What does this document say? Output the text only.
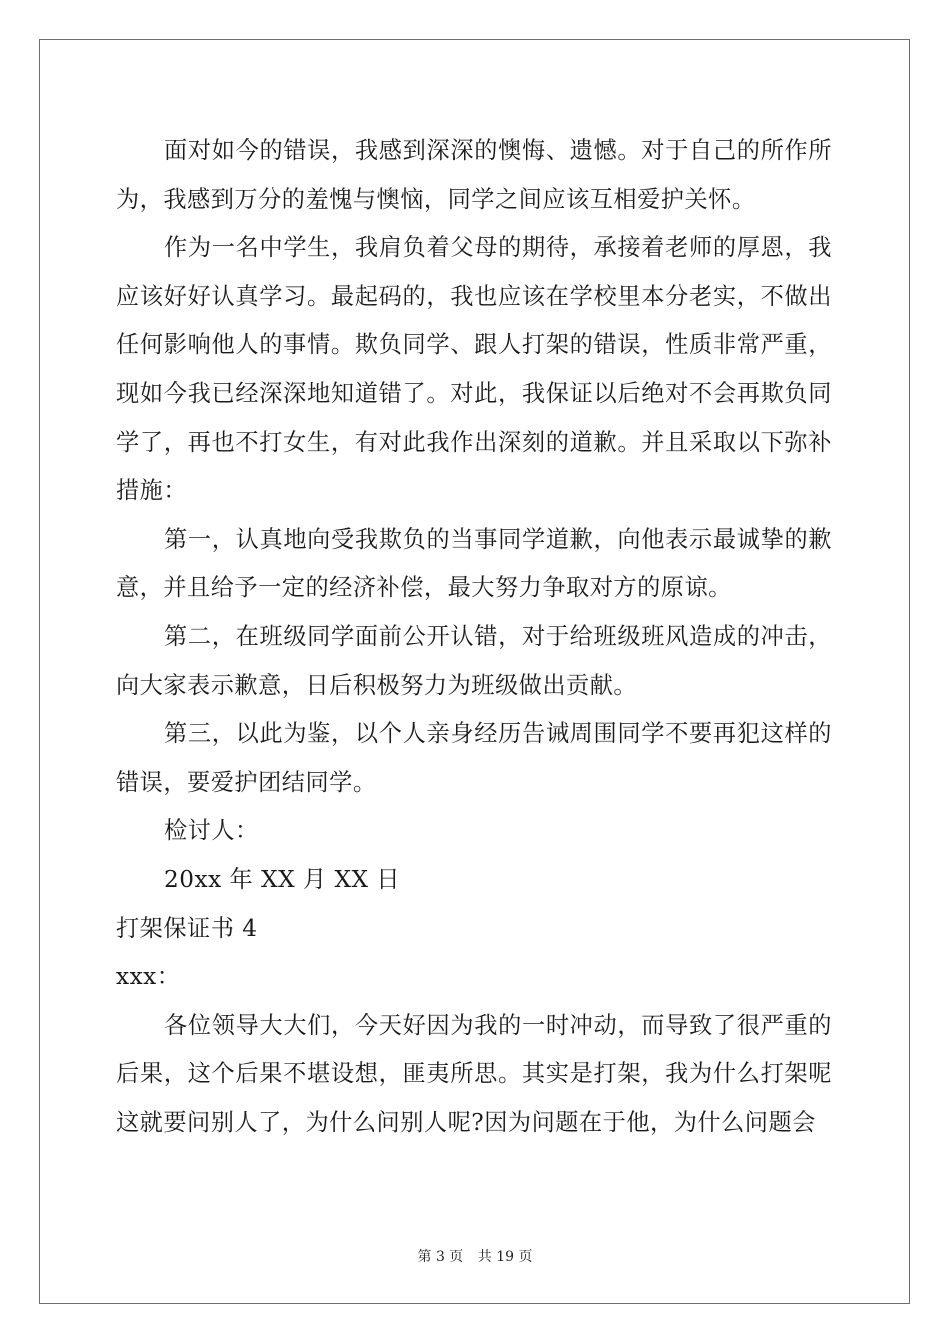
面对如今的错误，我感到深深的懊悔、遗憾。对于自己的所作所
为，我感到万分的羞愧与懊恼，同学之间应该互相爱护关怀。
作为一名中学生，我肩负着父母的期待，承接着老师的厚恩，我
应该好好认真学习。最起码的，我也应该在学校里本分老实，不做出
任何影响他人的事情。欺负同学、跟人打架的错误，性质非常严重，
现如今我已经深深地知道错了。对此，我保证以后绝对不会再欺负同
学了，再也不打女生，有对此我作出深刻的道歉。并且采取以下弥补
措施：
第一，认真地向受我欺负的当事同学道歉，向他表示最诚挚的歉
意，并且给予一定的经济补偿，最大努力争取对方的原谅。
第二，在班级同学面前公开认错，对于给班级班风造成的冲击，
向大家表示歉意，日后积极努力为班级做出贡献。
第三，以此为鉴，以个人亲身经历告诫周围同学不要再犯这样的
错误，要爱护团结同学。
检讨人：
20xx 年 XX 月 XX 日
打架保证书 4
xxx：
各位领导大大们，今天好因为我的一时冲动，而导致了很严重的
后果，这个后果不堪设想，匪夷所思。其实是打架，我为什么打架呢
这就要问别人了，为什么问别人呢?因为问题在于他，为什么问题会
第 3 页 共 19 页
